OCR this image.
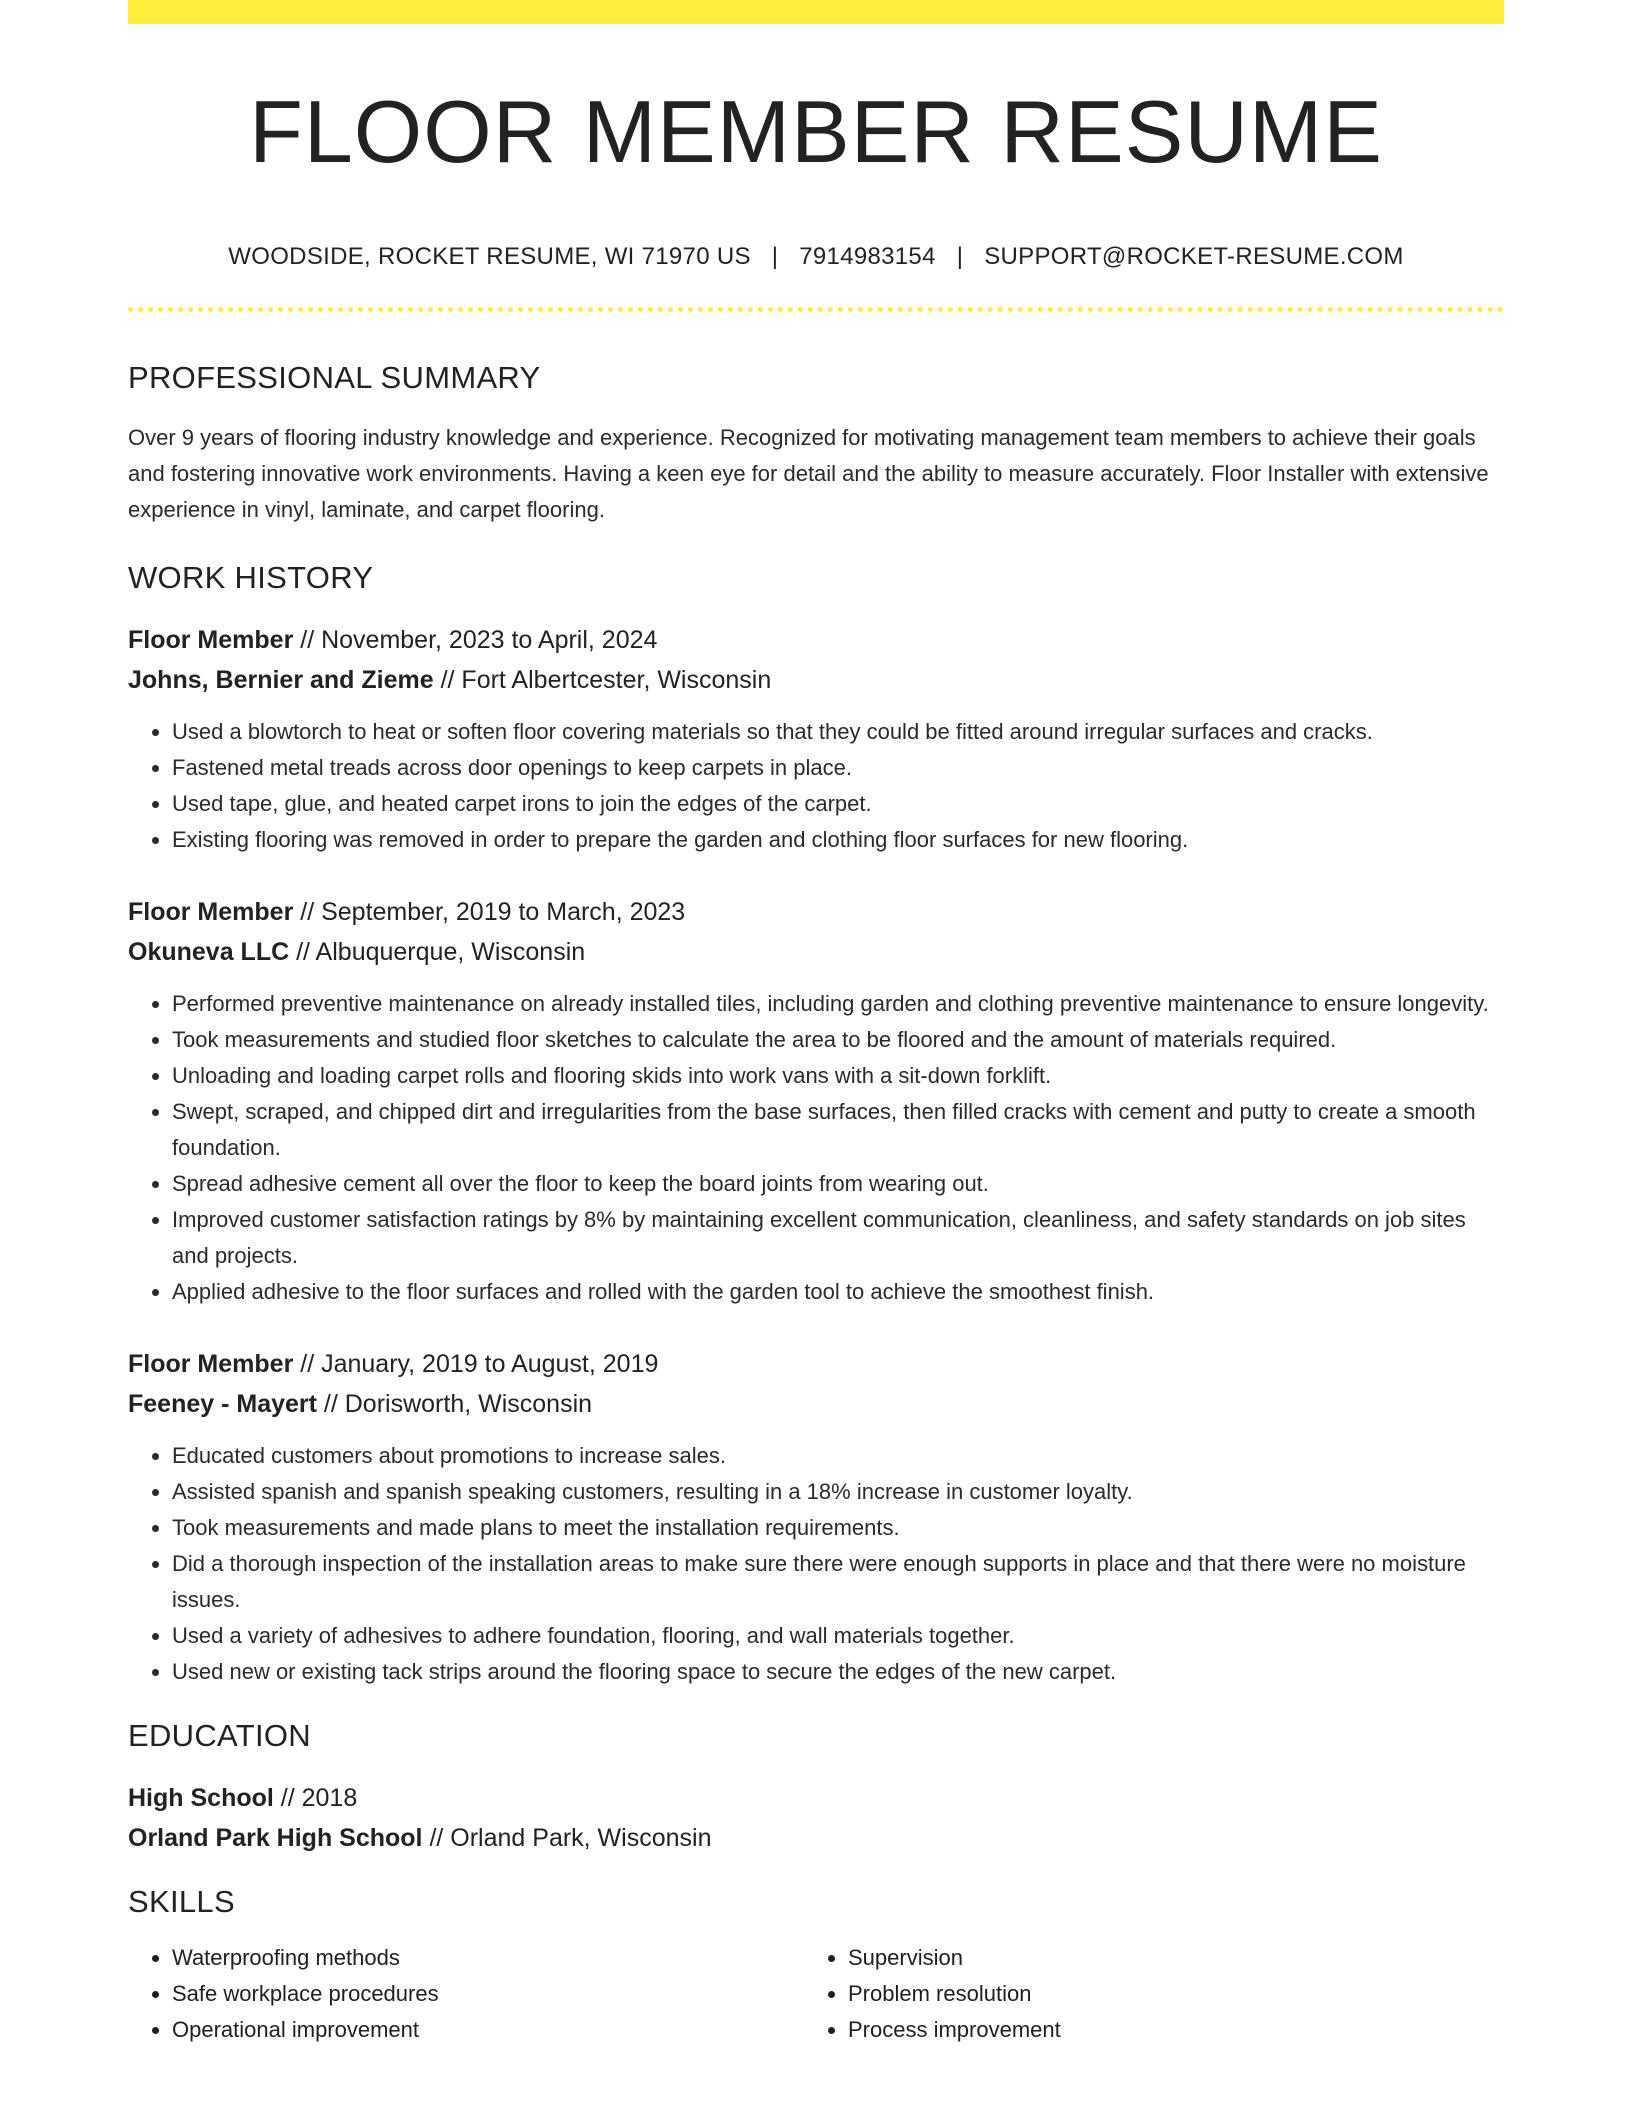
FLOOR MEMBER RESUME
WOODSIDE, ROCKET RESUME, WI 71970 US | 7914983154 | SUPPORT@ROCKET-RESUME.COM
PROFESSIONAL SUMMARY

Over 9 years of flooring industry knowledge and experience. Recognized for motivating management team members to achieve their goals and fostering innovative work environments. Having a keen eye for detail and the ability to measure accurately. Floor Installer with extensive experience in vinyl, laminate, and carpet flooring.

WORK HISTORY
Floor Member // November, 2023 to April, 2024
Johns, Bernier and Zieme // Fort Albertcester, Wisconsin
• Used a blowtorch to heat or soften floor covering materials so that they could be fitted around irregular surfaces and cracks.
• Fastened metal treads across door openings to keep carpets in place.
• Used tape, glue, and heated carpet irons to join the edges of the carpet.
• Existing flooring was removed in order to prepare the garden and clothing floor surfaces for new flooring.
Floor Member // September, 2019 to March, 2023
Okuneva LLC // Albuquerque, Wisconsin
• Performed preventive maintenance on already installed tiles, including garden and clothing preventive maintenance to ensure longevity.
• Took measurements and studied floor sketches to calculate the area to be floored and the amount of materials required.
• Unloading and loading carpet rolls and flooring skids into work vans with a sit-down forklift.
• Swept, scraped, and chipped dirt and irregularities from the base surfaces, then filled cracks with cement and putty to create a smooth foundation.
• Spread adhesive cement all over the floor to keep the board joints from wearing out.
• Improved customer satisfaction ratings by 8% by maintaining excellent communication, cleanliness, and safety standards on job sites and projects.
• Applied adhesive to the floor surfaces and rolled with the garden tool to achieve the smoothest finish.
Floor Member // January, 2019 to August, 2019
Feeney - Mayert // Dorisworth, Wisconsin
• Educated customers about promotions to increase sales.
• Assisted spanish and spanish speaking customers, resulting in a 18% increase in customer loyalty.
• Took measurements and made plans to meet the installation requirements.
• Did a thorough inspection of the installation areas to make sure there were enough supports in place and that there were no moisture issues.
• Used a variety of adhesives to adhere foundation, flooring, and wall materials together.
• Used new or existing tack strips around the flooring space to secure the edges of the new carpet.
EDUCATION
High School // 2018
Orland Park High School // Orland Park, Wisconsin
SKILLS
• Waterproofing methods
• Safe workplace procedures
• Operational improvement
• Supervision
• Problem resolution
• Process improvement
